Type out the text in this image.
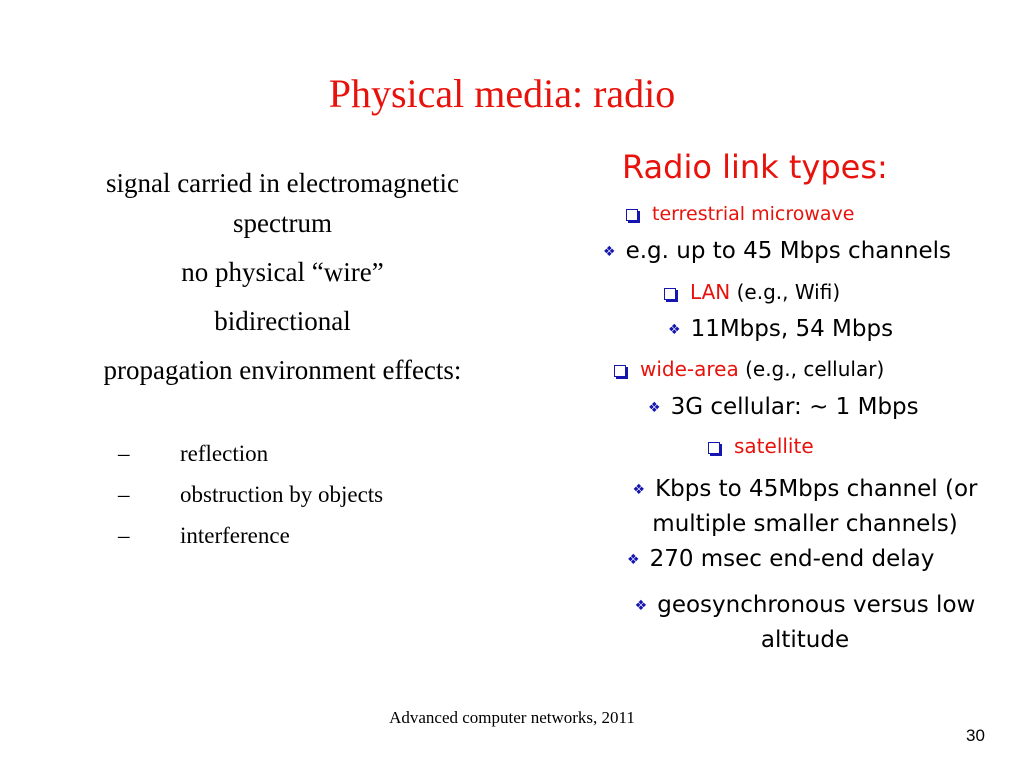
Physical media: radio
signal carried in electromagnetic spectrum
no physical “wire”
bidirectional
propagation environment effects:
– reflection
– obstruction by objects
– interference
Radio link types:
terrestrial microwave
❖ e.g. up to 45 Mbps channels
LAN (e.g., Wifi)
❖ 11Mbps, 54 Mbps
wide-area (e.g., cellular)
❖ 3G cellular: ~ 1 Mbps
satellite
❖ Kbps to 45Mbps channel (or multiple smaller channels)
❖ 270 msec end-end delay
❖ geosynchronous versus low altitude
Advanced computer networks, 2011
30
